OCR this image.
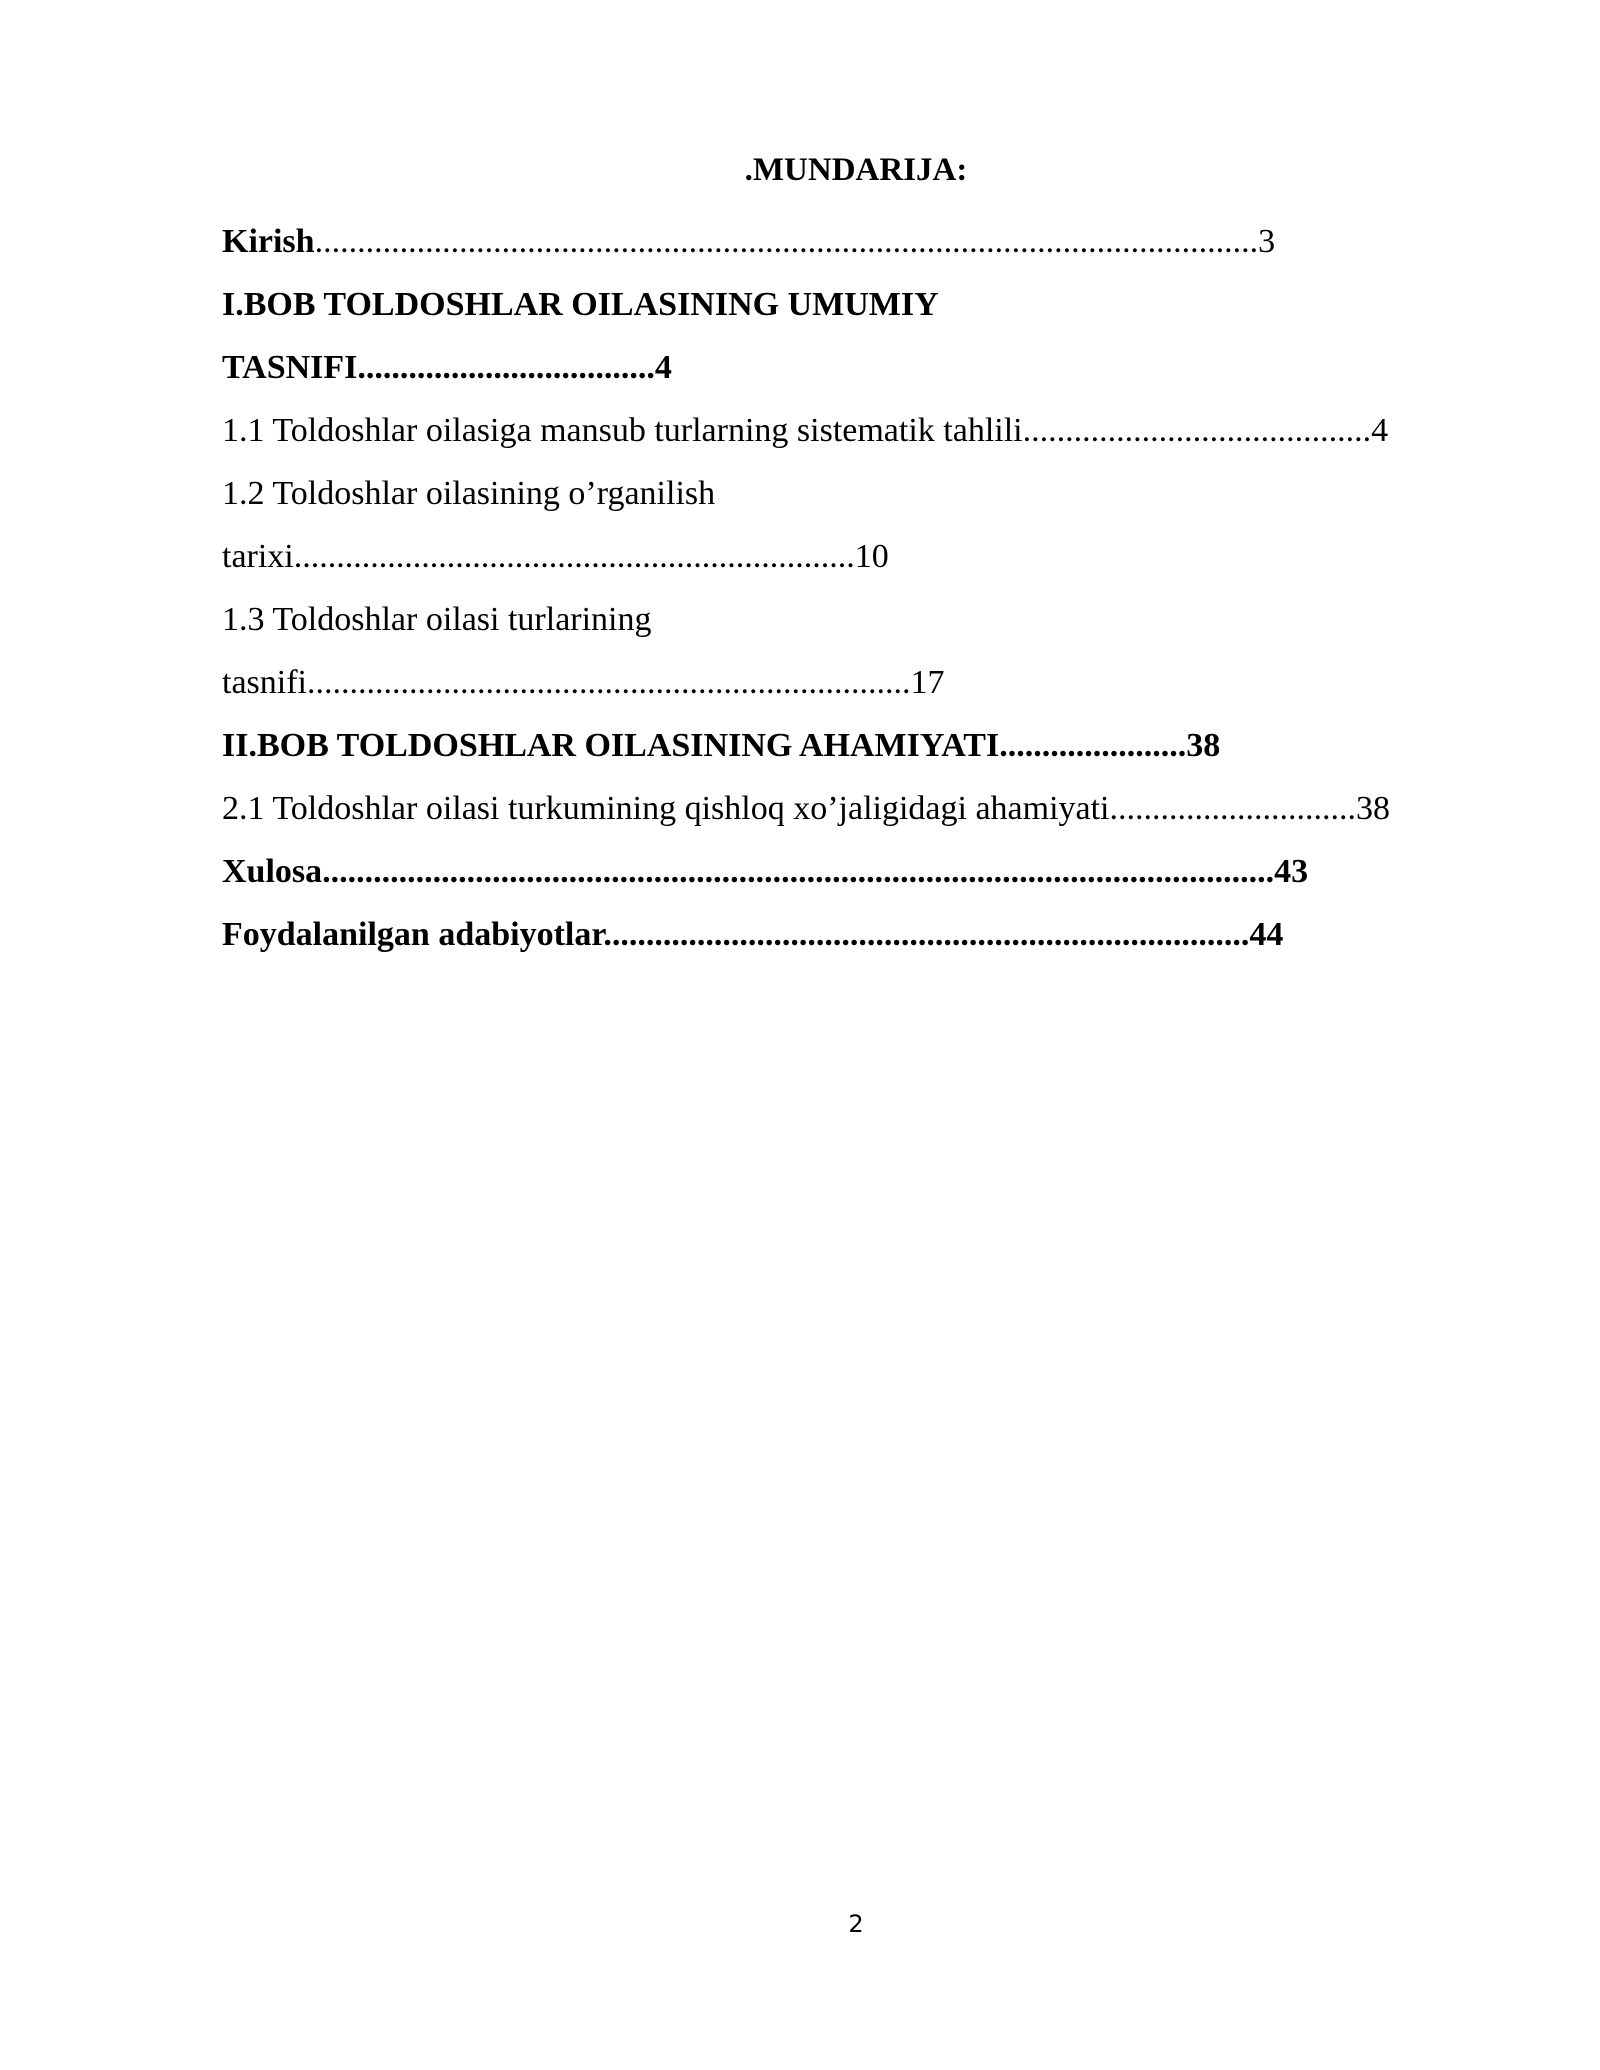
.MUNDARIJA:
Kirish...............................................................................................................3
I.BOB TOLDOSHLAR OILASINING UMUMIY
TASNIFI...................................4
1.1 Toldoshlar oilasiga mansub turlarning sistematik tahlili.........................................4
1.2 Toldoshlar oilasining o’rganilish
tarixi..................................................................10
1.3 Toldoshlar oilasi turlarining
tasnifi.......................................................................17
II.BOB TOLDOSHLAR OILASINING AHAMIYATI......................38
2.1 Toldoshlar oilasi turkumining qishloq xo’jaligidagi ahamiyati.............................38
Xulosa................................................................................................................43
Foydalanilgan adabiyotlar............................................................................44
2
